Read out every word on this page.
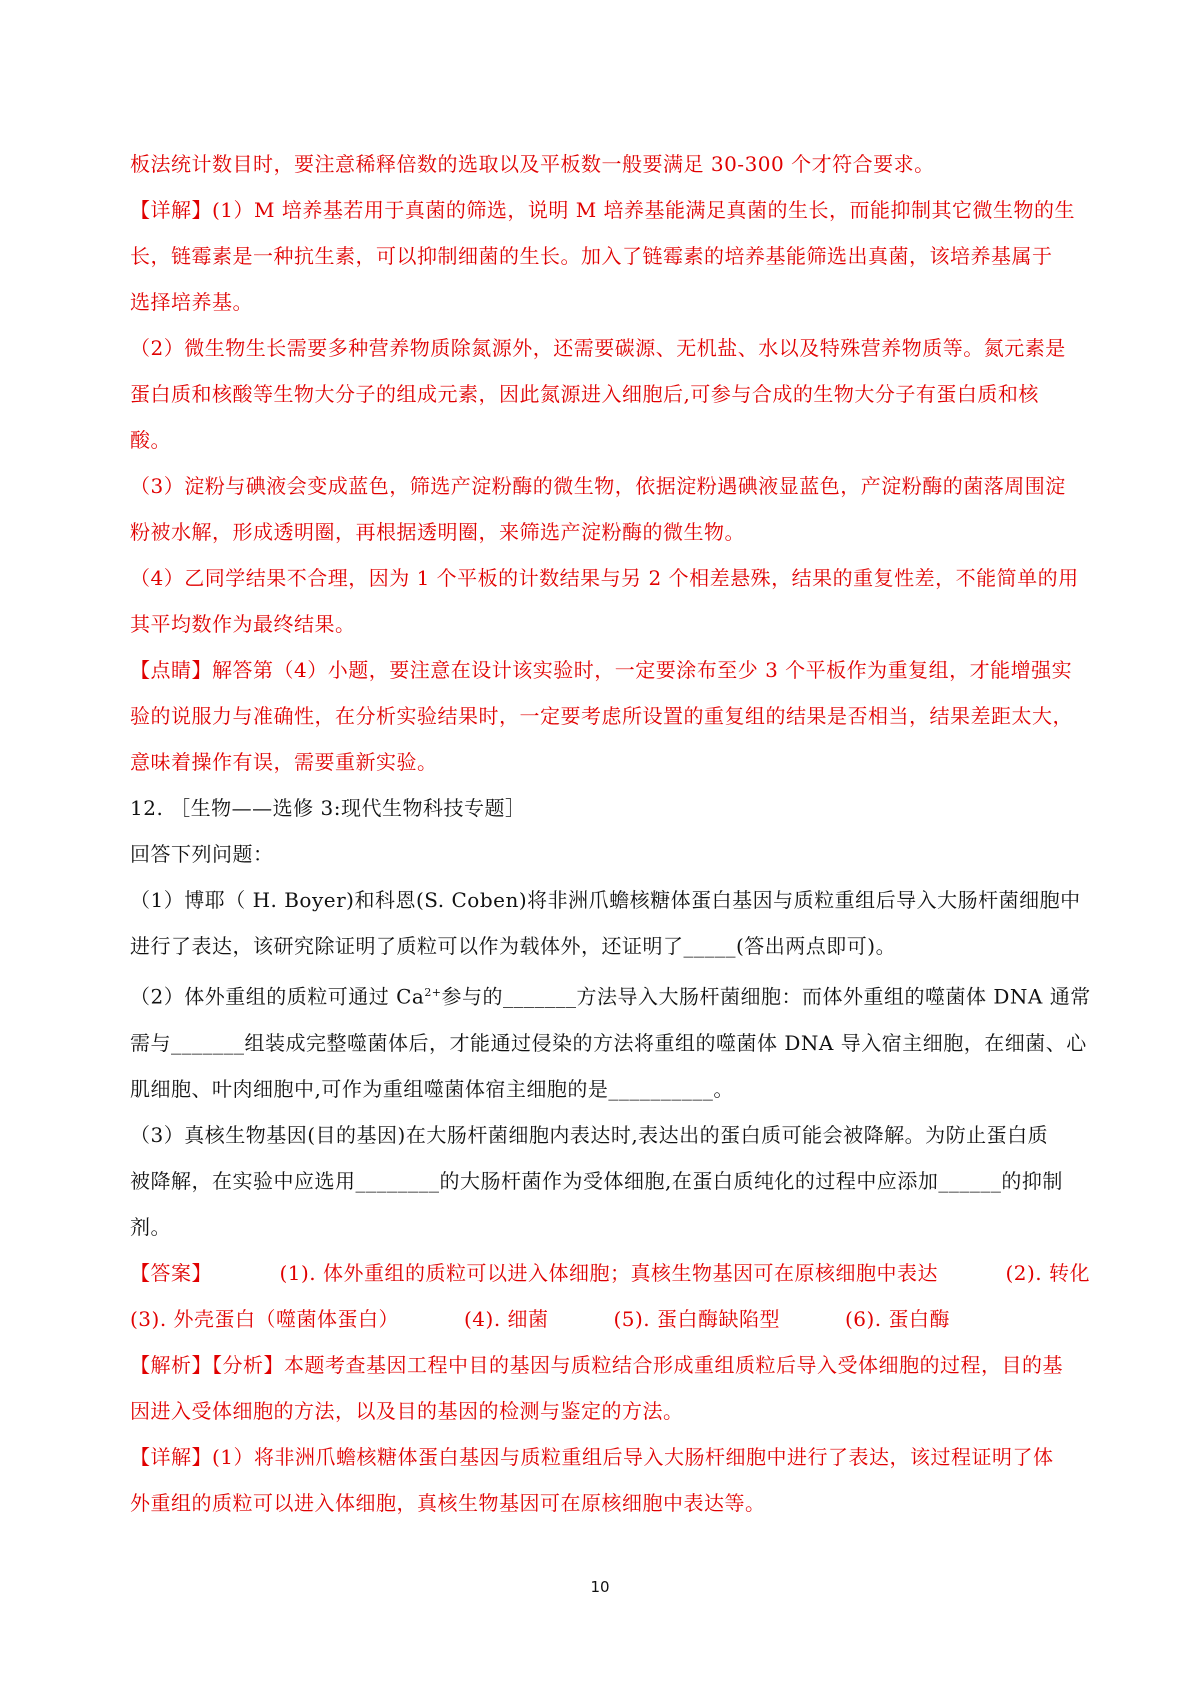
板法统计数目时，要注意稀释倍数的选取以及平板数一般要满足 30-300 个才符合要求。
【详解】(1）M 培养基若用于真菌的筛选，说明 M 培养基能满足真菌的生长，而能抑制其它微生物的生
长，链霉素是一种抗生素，可以抑制细菌的生长。加入了链霉素的培养基能筛选出真菌，该培养基属于
选择培养基。
（2）微生物生长需要多种营养物质除氮源外，还需要碳源、无机盐、水以及特殊营养物质等。氮元素是
蛋白质和核酸等生物大分子的组成元素，因此氮源进入细胞后,可参与合成的生物大分子有蛋白质和核
酸。
（3）淀粉与碘液会变成蓝色，筛选产淀粉酶的微生物，依据淀粉遇碘液显蓝色，产淀粉酶的菌落周围淀
粉被水解，形成透明圈，再根据透明圈，来筛选产淀粉酶的微生物。
（4）乙同学结果不合理，因为 1 个平板的计数结果与另 2 个相差悬殊，结果的重复性差，不能简单的用
其平均数作为最终结果。
【点睛】解答第（4）小题，要注意在设计该实验时，一定要涂布至少 3 个平板作为重复组，才能增强实
验的说服力与准确性，在分析实验结果时，一定要考虑所设置的重复组的结果是否相当，结果差距太大，
意味着操作有误，需要重新实验。
12. ［生物——选修 3:现代生物科技专题］
回答下列问题：
（1）博耶（ H. Boyer)和科恩(S. Coben)将非洲爪蟾核糖体蛋白基因与质粒重组后导入大肠杆菌细胞中
进行了表达，该研究除证明了质粒可以作为载体外，还证明了_____(答出两点即可)。
（2）体外重组的质粒可通过 $Ca^{2+}$参与的_______方法导入大肠杆菌细胞：而体外重组的噬菌体 DNA 通常
需与_______组装成完整噬菌体后，才能通过侵染的方法将重组的噬菌体 DNA 导入宿主细胞，在细菌、心
肌细胞、叶肉细胞中,可作为重组噬菌体宿主细胞的是__________。
（3）真核生物基因(目的基因)在大肠杆菌细胞内表达时,表达出的蛋白质可能会被降解。为防止蛋白质
被降解，在实验中应选用________的大肠杆菌作为受体细胞,在蛋白质纯化的过程中应添加______的抑制
剂。
【答案】	(1). 体外重组的质粒可以进入体细胞；真核生物基因可在原核细胞中表达	(2). 转化
(3). 外壳蛋白（噬菌体蛋白）	(4). 细菌	(5). 蛋白酶缺陷型	(6). 蛋白酶
【解析】【分析】本题考查基因工程中目的基因与质粒结合形成重组质粒后导入受体细胞的过程，目的基
因进入受体细胞的方法，以及目的基因的检测与鉴定的方法。
【详解】(1）将非洲爪蟾核糖体蛋白基因与质粒重组后导入大肠杆细胞中进行了表达，该过程证明了体
外重组的质粒可以进入体细胞，真核生物基因可在原核细胞中表达等。
10
